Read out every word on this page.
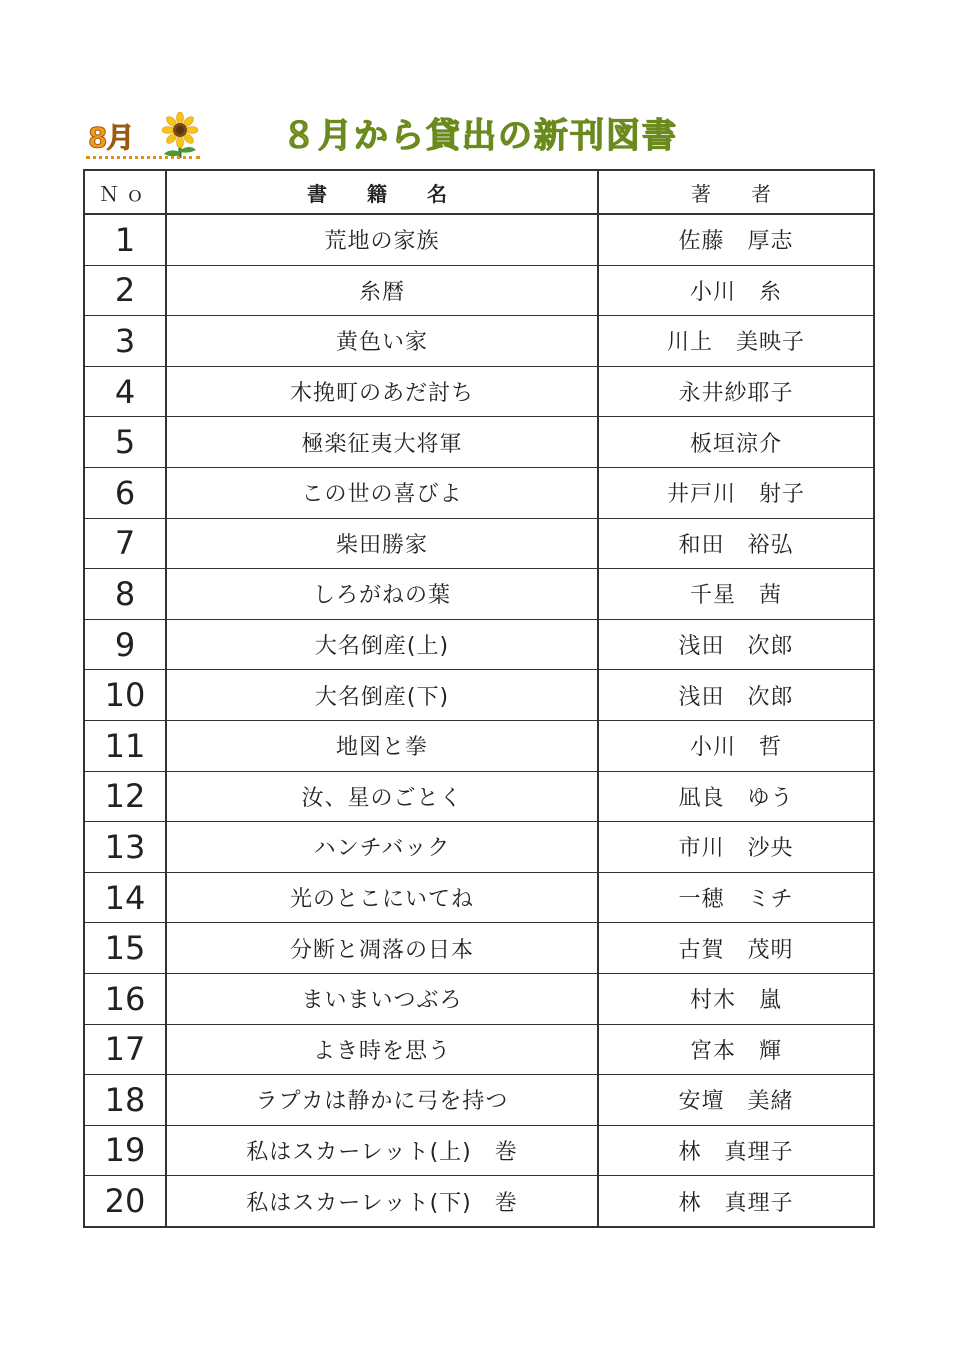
8月	８月から貸出の新刊図書
Ｎｏ	書　籍　名	著　者
1	荒地の家族	佐藤　厚志
2	糸暦	小川　糸
3	黄色い家	川上　美映子
4	木挽町のあだ討ち	永井紗耶子
5	極楽征夷大将軍	板垣涼介
6	この世の喜びよ	井戸川　射子
7	柴田勝家	和田　裕弘
8	しろがねの葉	千星　茜
9	大名倒産(上)	浅田　次郎
10	大名倒産(下)	浅田　次郎
11	地図と拳	小川　哲
12	汝、星のごとく	凪良　ゆう
13	ハンチバック	市川　沙央
14	光のとこにいてね	一穂　ミチ
15	分断と凋落の日本	古賀　茂明
16	まいまいつぶろ	村木　嵐
17	よき時を思う	宮本　輝
18	ラプカは静かに弓を持つ	安壇　美緒
19	私はスカーレット(上)　巻	林　真理子
20	私はスカーレット(下)　巻	林　真理子
